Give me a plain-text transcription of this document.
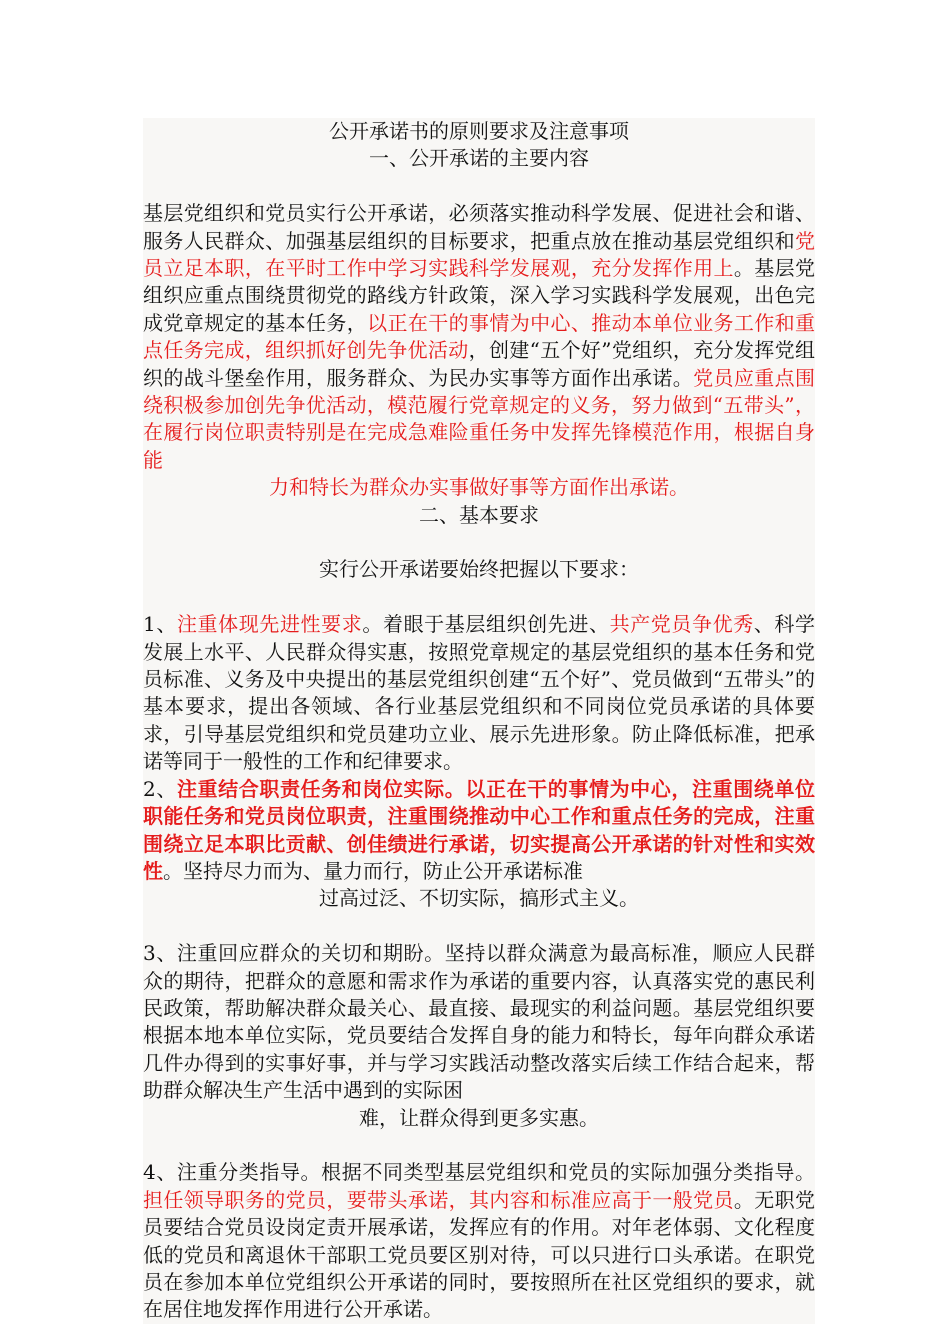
公开承诺书的原则要求及注意事项
一、公开承诺的主要内容
基层党组织和党员实行公开承诺，必须落实推动科学发展、促进社会和谐、服务人民群众、加强基层组织的目标要求，把重点放在推动基层党组织和党员立足本职，在平时工作中学习实践科学发展观，充分发挥作用上。基层党组织应重点围绕贯彻党的路线方针政策，深入学习实践科学发展观，出色完成党章规定的基本任务，以正在干的事情为中心、推动本单位业务工作和重点任务完成，组织抓好创先争优活动，创建“五个好”党组织，充分发挥党组织的战斗堡垒作用，服务群众、为民办实事等方面作出承诺。党员应重点围绕积极参加创先争优活动，模范履行党章规定的义务，努力做到“五带头”，在履行岗位职责特别是在完成急难险重任务中发挥先锋模范作用，根据自身能
力和特长为群众办实事做好事等方面作出承诺。
二、基本要求
实行公开承诺要始终把握以下要求：
1、注重体现先进性要求。着眼于基层组织创先进、共产党员争优秀、科学发展上水平、人民群众得实惠，按照党章规定的基层党组织的基本任务和党员标准、义务及中央提出的基层党组织创建“五个好”、党员做到“五带头”的基本要求，提出各领域、各行业基层党组织和不同岗位党员承诺的具体要求，引导基层党组织和党员建功立业、展示先进形象。防止降低标准，把承诺等同于一般性的工作和纪律要求。
2、注重结合职责任务和岗位实际。以正在干的事情为中心，注重围绕单位职能任务和党员岗位职责，注重围绕推动中心工作和重点任务的完成，注重围绕立足本职比贡献、创佳绩进行承诺，切实提高公开承诺的针对性和实效性。坚持尽力而为、量力而行，防止公开承诺标准
过高过泛、不切实际，搞形式主义。
3、注重回应群众的关切和期盼。坚持以群众满意为最高标准，顺应人民群众的期待，把群众的意愿和需求作为承诺的重要内容，认真落实党的惠民利民政策，帮助解决群众最关心、最直接、最现实的利益问题。基层党组织要根据本地本单位实际，党员要结合发挥自身的能力和特长，每年向群众承诺几件办得到的实事好事，并与学习实践活动整改落实后续工作结合起来，帮助群众解决生产生活中遇到的实际困
难，让群众得到更多实惠。
4、注重分类指导。根据不同类型基层党组织和党员的实际加强分类指导。担任领导职务的党员，要带头承诺，其内容和标准应高于一般党员。无职党员要结合党员设岗定责开展承诺，发挥应有的作用。对年老体弱、文化程度低的党员和离退休干部职工党员要区别对待，可以只进行口头承诺。在职党员在参加本单位党组织公开承诺的同时，要按照所在社区党组织的要求，就在居住地发挥作用进行公开承诺。
